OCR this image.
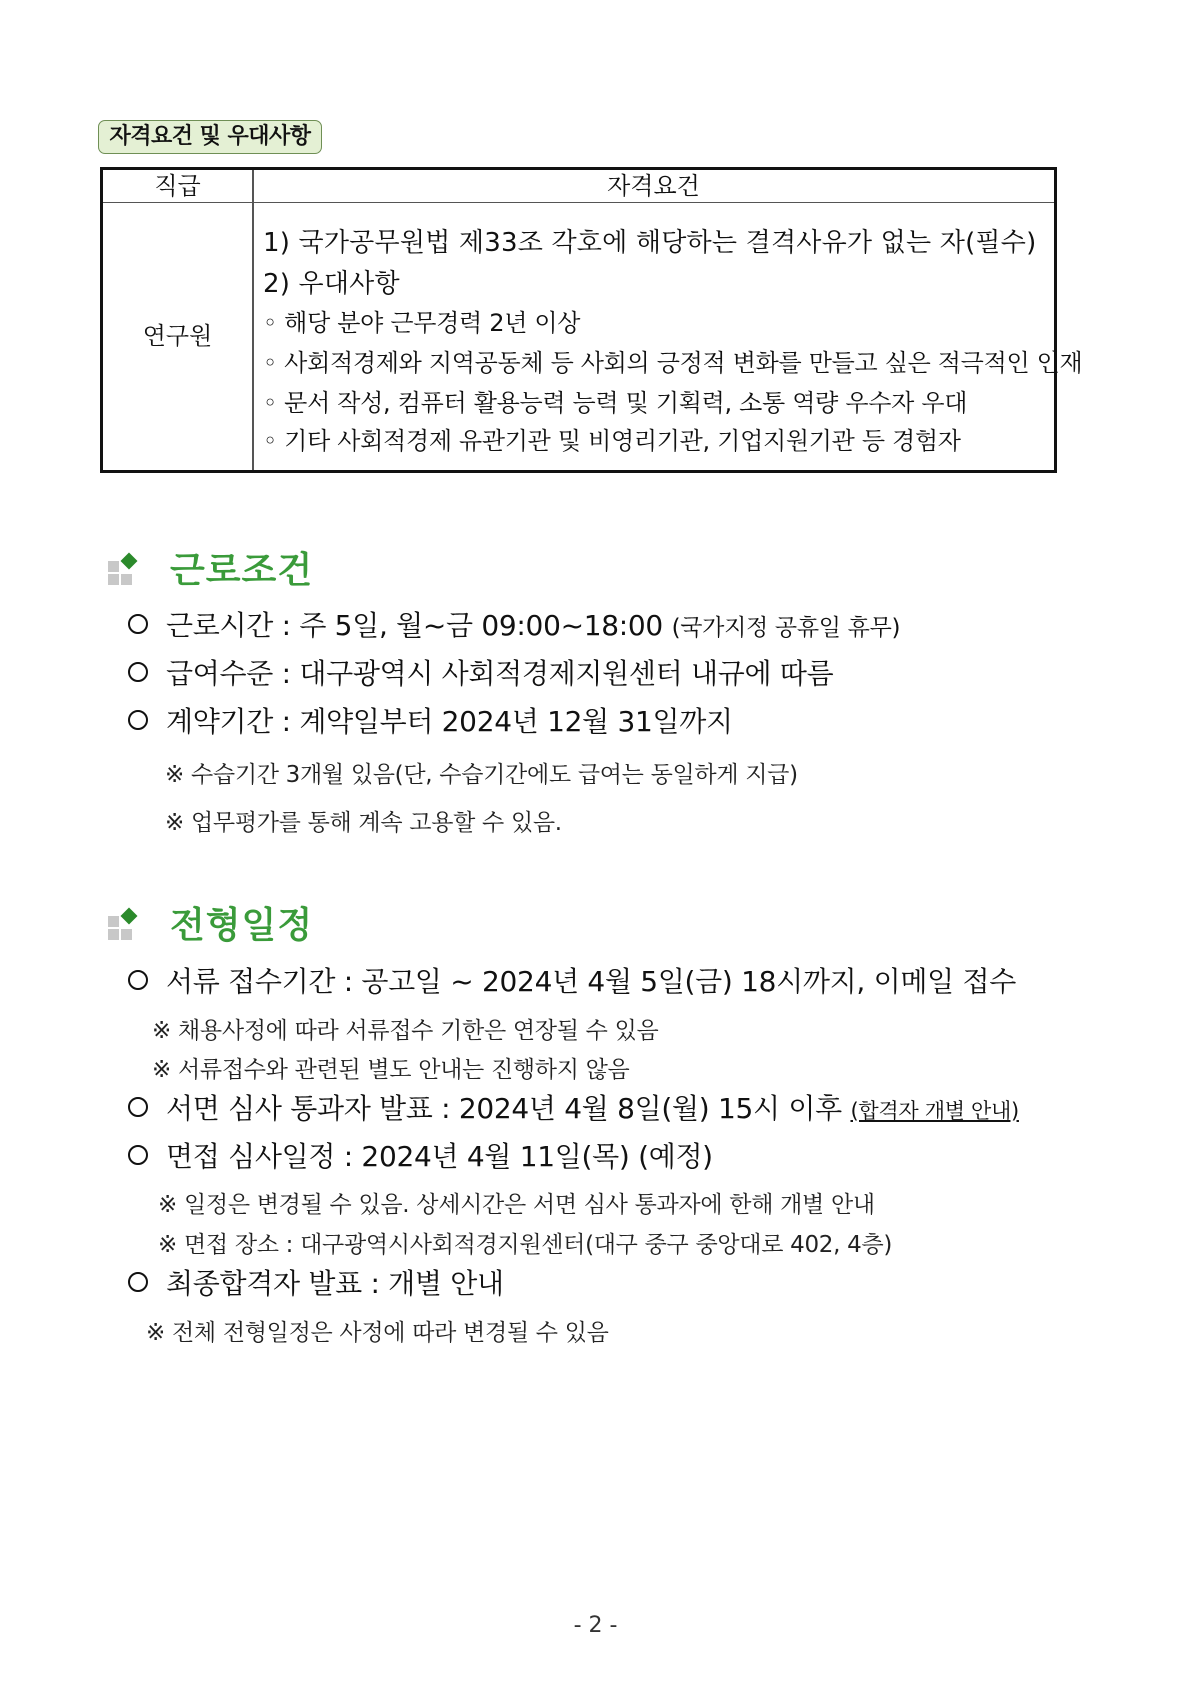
자격요건 및 우대사항
직급	자격요건
연구원
1) 국가공무원법 제33조 각호에 해당하는 결격사유가 없는 자(필수)
2) 우대사항
◦ 해당 분야 근무경력 2년 이상
◦ 사회적경제와 지역공동체 등 사회의 긍정적 변화를 만들고 싶은 적극적인 인재
◦ 문서 작성, 컴퓨터 활용능력 능력 및 기획력, 소통 역량 우수자 우대
◦ 기타 사회적경제 유관기관 및 비영리기관, 기업지원기관 등 경험자
근로조건
근로시간 : 주 5일, 월~금 09:00~18:00 (국가지정 공휴일 휴무)
급여수준 : 대구광역시 사회적경제지원센터 내규에 따름
계약기간 : 계약일부터 2024년 12월 31일까지
※ 수습기간 3개월 있음(단, 수습기간에도 급여는 동일하게 지급)
※ 업무평가를 통해 계속 고용할 수 있음.
전형일정
서류 접수기간 : 공고일 ~ 2024년 4월 5일(금) 18시까지, 이메일 접수
※ 채용사정에 따라 서류접수 기한은 연장될 수 있음
※ 서류접수와 관련된 별도 안내는 진행하지 않음
서면 심사 통과자 발표 : 2024년 4월 8일(월) 15시 이후 (합격자 개별 안내)
면접 심사일정 : 2024년 4월 11일(목) (예정)
※ 일정은 변경될 수 있음. 상세시간은 서면 심사 통과자에 한해 개별 안내
※ 면접 장소 : 대구광역시사회적경지원센터(대구 중구 중앙대로 402, 4층)
최종합격자 발표 : 개별 안내
※ 전체 전형일정은 사정에 따라 변경될 수 있음
- 2 -
